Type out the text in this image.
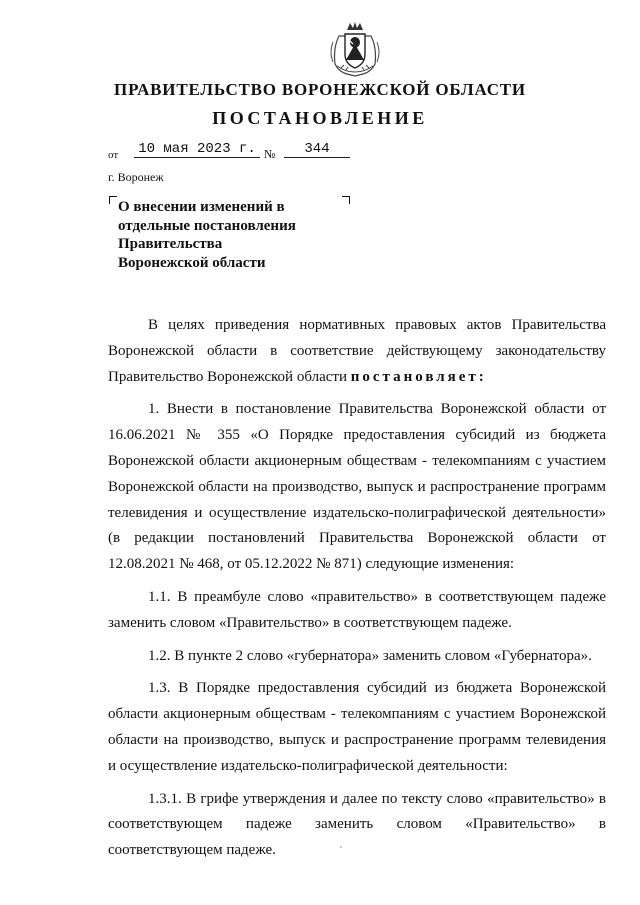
ПРАВИТЕЛЬСТВО ВОРОНЕЖСКОЙ ОБЛАСТИ
ПОСТАНОВЛЕНИЕ
от 10 мая 2023 г. №	344
г. Воронеж
О внесении изменений в
отдельные постановления
Правительства
Воронежской области

В целях приведения нормативных правовых актов Правительства Воронежской области в соответствие действующему законодательству Правительство Воронежской области постановляет:

1. Внести в постановление Правительства Воронежской области от 16.06.2021 № 355 «О Порядке предоставления субсидий из бюджета Воронежской области акционерным обществам - телекомпаниям с участием Воронежской области на производство, выпуск и распространение программ телевидения и осуществление издательско-полиграфической деятельности» (в редакции постановлений Правительства Воронежской области от 12.08.2021 № 468, от 05.12.2022 № 871) следующие изменения:

1.1. В преамбуле слово «правительство» в соответствующем падеже заменить словом «Правительство» в соответствующем падеже.

1.2. В пункте 2 слово «губернатора» заменить словом «Губернатора».

1.3. В Порядке предоставления субсидий из бюджета Воронежской области акционерным обществам - телекомпаниям с участием Воронежской области на производство, выпуск и распространение программ телевидения и осуществление издательско-полиграфической деятельности:

1.3.1. В грифе утверждения и далее по тексту слово «правительство» в соответствующем падеже заменить словом «Правительство» в соответствующем падеже.
